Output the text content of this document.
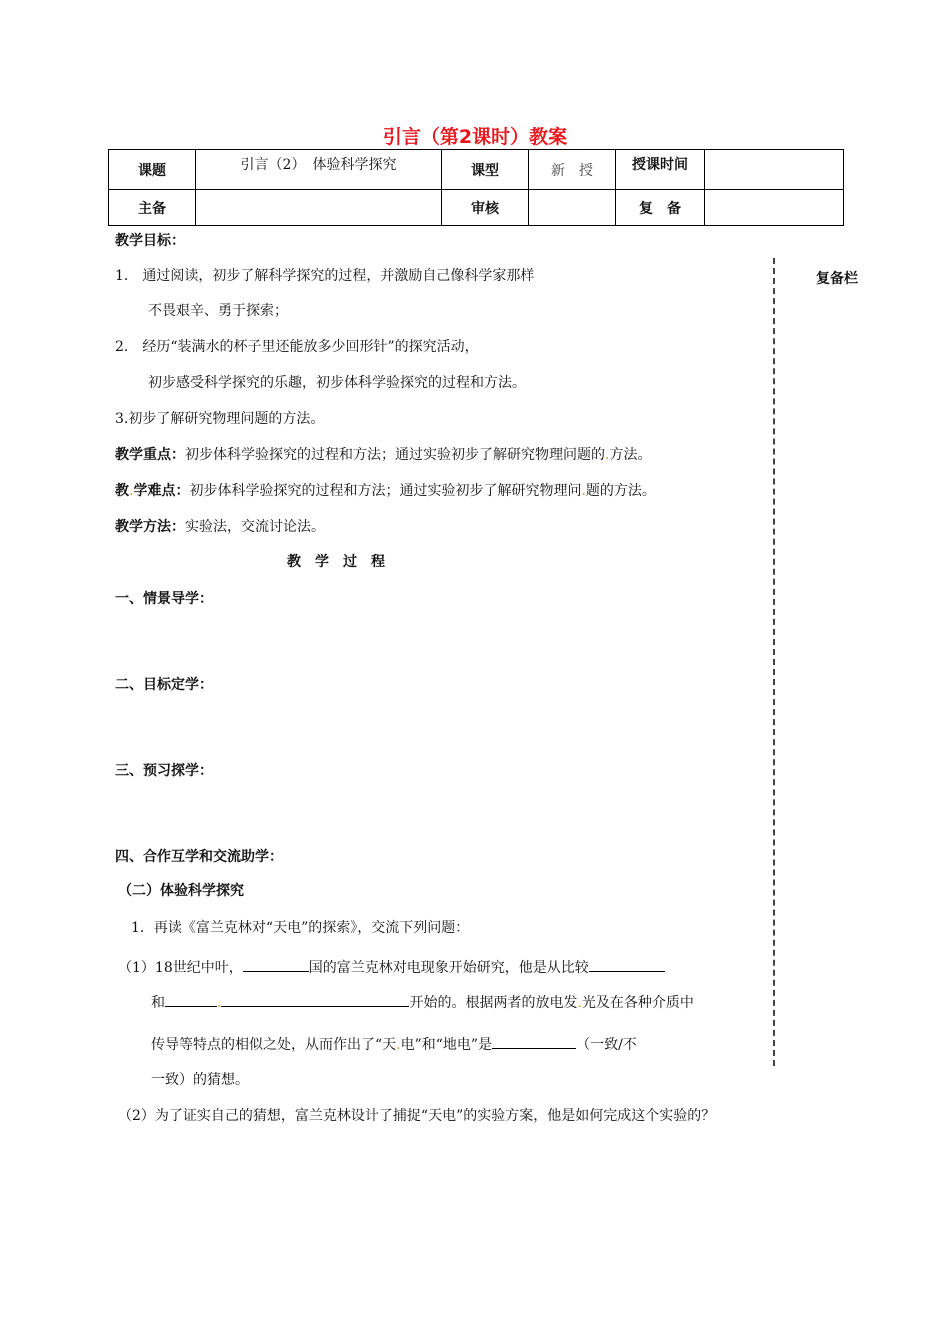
引言（第2课时）教案
课题	引言（2）　体验科学探究	课型	新　授	授课时间	
主备		审核		复　备	
复备栏
教学目标：
1． 通过阅读，初步了解科学探究的过程，并激励自己像科学家那样
不畏艰辛、勇于探索；
2． 经历“装满水的杯子里还能放多少回形针”的探究活动，
初步感受科学探究的乐趣，初步体科学验探究的过程和方法。
3.初步了解研究物理问题的方法。
教学重点：初步体科学验探究的过程和方法；通过实验初步了解研究物理问题的.方法。
教.学难点：初步体科学验探究的过程和方法；通过实验初步了解研究物理问.题的方法。
教学方法：实验法，交流讨论法。
教　学　过　程
一、情景导学：
二、目标定学：
三、预习探学：
四、合作互学和交流助学：
（二）体验科学探究
1．再读《富兰克林对“天电”的探索》，交流下列问题：
（1）18世纪中叶，	国的富兰克林对电现象开始研究，他是从比较
和	.	开始的。根据两者的放电发.光及在各种介质中
传导等特点的相似之处，从而作出了“天.电”和“地电”是	（一致/不
一致）的猜想。
（2）为了证实自己的猜想，富兰克林设计了捕捉“天电”的实验方案，他是如何完成这个实验的？
